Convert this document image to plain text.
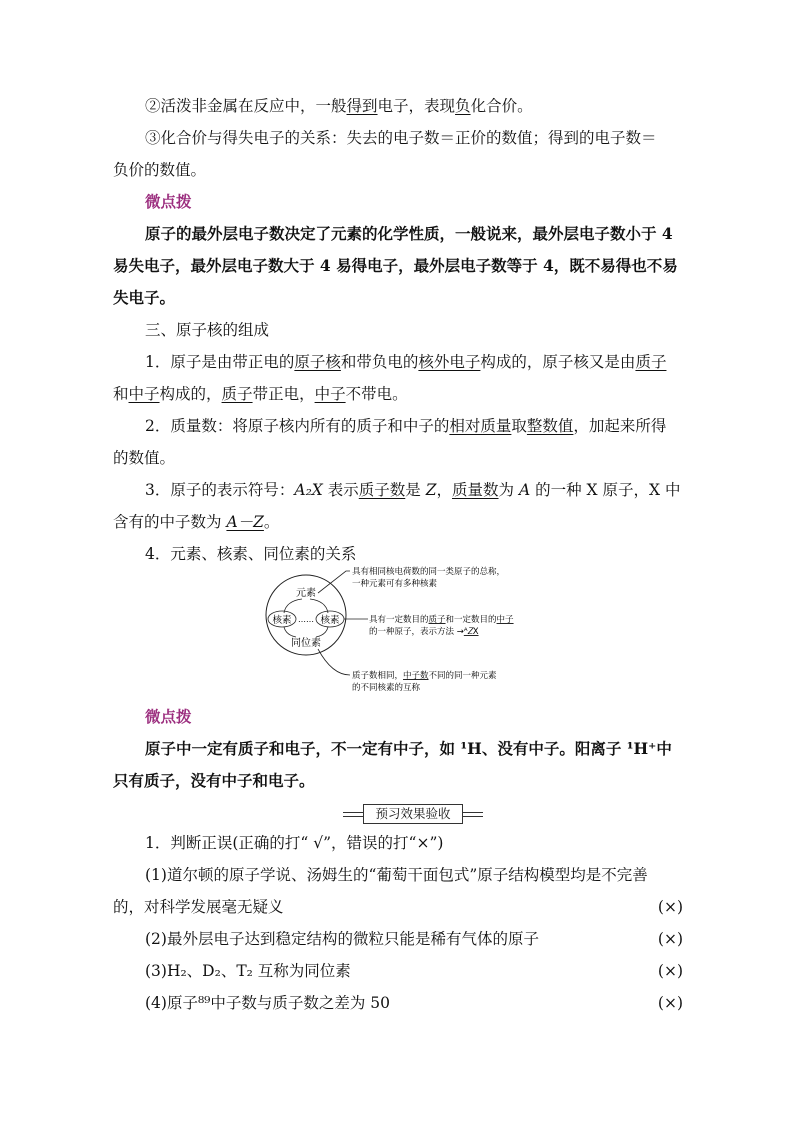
②活泼非金属在反应中，一般得到电子，表现负化合价。
③化合价与得失电子的关系：失去的电子数＝正价的数值；得到的电子数＝
负价的数值。
微点拨
原子的最外层电子数决定了元素的化学性质，一般说来，最外层电子数小于 4
易失电子，最外层电子数大于 4 易得电子，最外层电子数等于 4，既不易得也不易
失电子。
三、原子核的组成
1．原子是由带正电的原子核和带负电的核外电子构成的，原子核又是由质子
和中子构成的，质子带正电，中子不带电。
2．质量数：将原子核内所有的质子和中子的相对质量取整数值，加起来所得
的数值。
3．原子的表示符号：A₂X 表示质子数是 Z，质量数为 A 的一种 X 原子，X 中
含有的中子数为 A－Z。
4．元素、核素、同位素的关系
元素
核素 …… 核素
同位素
具有相同核电荷数的同一类原子的总称，
一种元素可有多种核素
具有一定数目的质子和一定数目的中子
的一种原子，表示方法 →ᴬ𝑍X
质子数相同，中子数不同的同一种元素
的不同核素的互称
微点拨
原子中一定有质子和电子，不一定有中子，如 ¹H、没有中子。阳离子 ¹H⁺中
只有质子，没有中子和电子。
预习效果验收
1．判断正误(正确的打“ √”，错误的打“×”)
(1)道尔顿的原子学说、汤姆生的“葡萄干面包式”原子结构模型均是不完善
的，对科学发展毫无疑义	(×)
(2)最外层电子达到稳定结构的微粒只能是稀有气体的原子	(×)
(3)H₂、D₂、T₂ 互称为同位素	(×)
(4)原子⁸⁹中子数与质子数之差为 50	(×)
